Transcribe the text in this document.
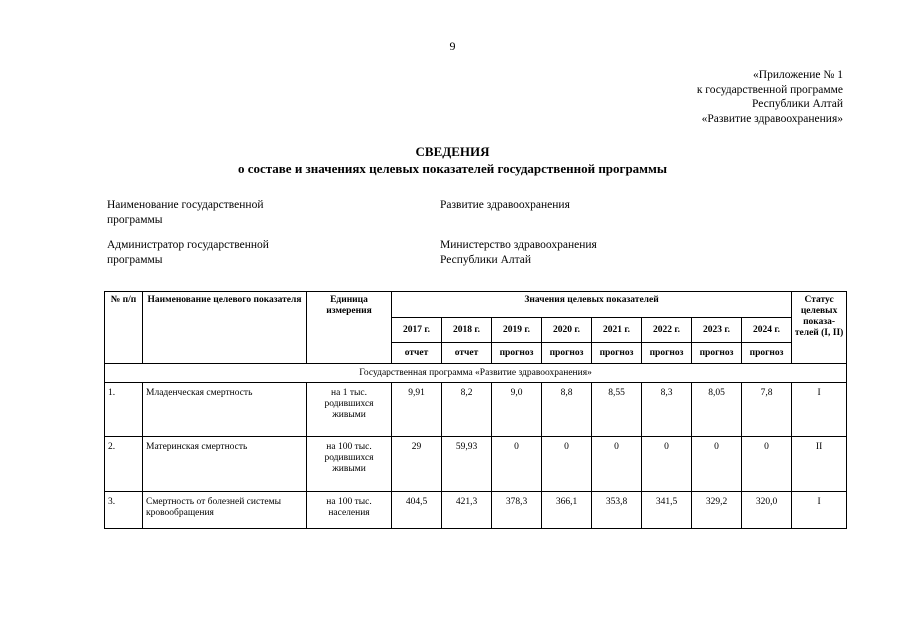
9
«Приложение № 1
к государственной программе
Республики Алтай
«Развитие здравоохранения»
СВЕДЕНИЯ
о составе и значениях целевых показателей государственной программы
Наименование государственной
программы
Развитие здравоохранения
Администратор государственной
программы
Министерство здравоохранения
Республики Алтай
№ п/п	Наименование целевого показателя	Единица измерения	Значения целевых показателей								Статус целевых показа-телей (I, II)
			2017 г.	2018 г.	2019 г.	2020 г.	2021 г.	2022 г.	2023 г.	2024 г.	
			отчет	отчет	прогноз	прогноз	прогноз	прогноз	прогноз	прогноз	
Государственная программа «Развитие здравоохранения»											
1.	Младенческая смертность	на 1 тыс. родившихся живыми	9,91	8,2	9,0	8,8	8,55	8,3	8,05	7,8	I
2.	Материнская смертность	на 100 тыс. родившихся живыми	29	59,93	0	0	0	0	0	0	II
3.	Смертность от болезней системы кровообращения	на 100 тыс. населения	404,5	421,3	378,3	366,1	353,8	341,5	329,2	320,0	I
